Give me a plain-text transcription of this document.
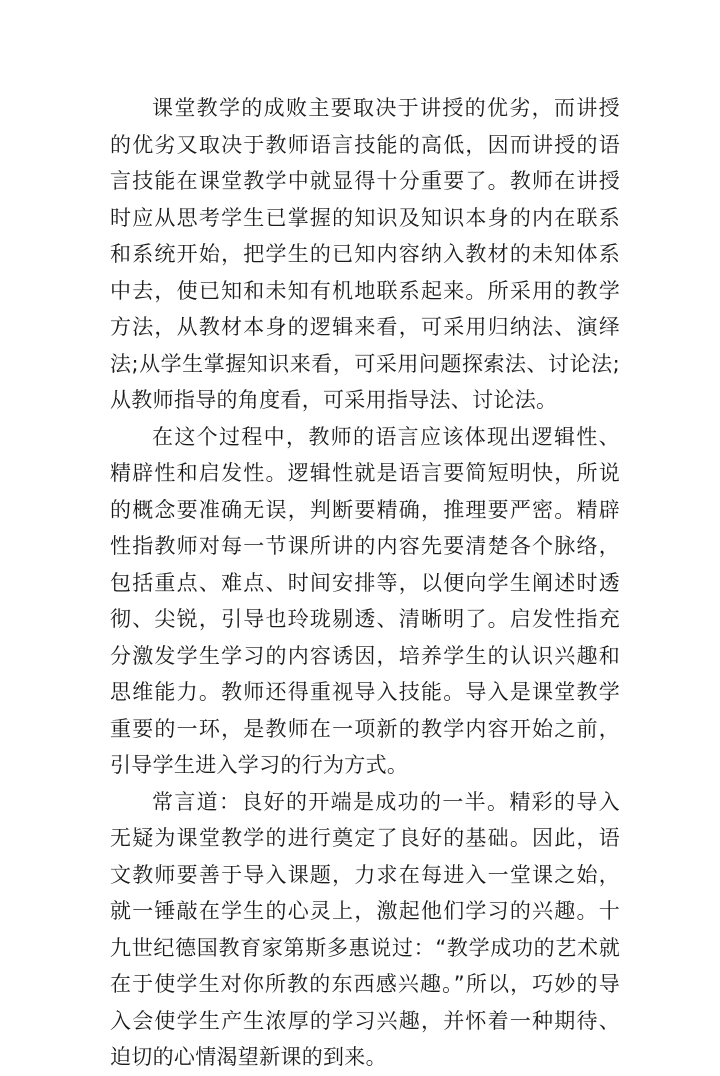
课堂教学的成败主要取决于讲授的优劣，而讲授的优劣又取决于教师语言技能的高低，因而讲授的语言技能在课堂教学中就显得十分重要了。教师在讲授时应从思考学生已掌握的知识及知识本身的内在联系和系统开始，把学生的已知内容纳入教材的未知体系中去，使已知和未知有机地联系起来。所采用的教学方法，从教材本身的逻辑来看，可采用归纳法、演绎法;从学生掌握知识来看，可采用问题探索法、讨论法;从教师指导的角度看，可采用指导法、讨论法。

在这个过程中，教师的语言应该体现出逻辑性、精辟性和启发性。逻辑性就是语言要简短明快，所说的概念要准确无误，判断要精确，推理要严密。精辟性指教师对每一节课所讲的内容先要清楚各个脉络，包括重点、难点、时间安排等，以便向学生阐述时透彻、尖锐，引导也玲珑剔透、清晰明了。启发性指充分激发学生学习的内容诱因，培养学生的认识兴趣和思维能力。教师还得重视导入技能。导入是课堂教学重要的一环，是教师在一项新的教学内容开始之前，引导学生进入学习的行为方式。

常言道：良好的开端是成功的一半。精彩的导入无疑为课堂教学的进行奠定了良好的基础。因此，语文教师要善于导入课题，力求在每进入一堂课之始，就一锤敲在学生的心灵上，激起他们学习的兴趣。十九世纪德国教育家第斯多惠说过：“教学成功的艺术就在于使学生对你所教的东西感兴趣。”所以，巧妙的导入会使学生产生浓厚的学习兴趣，并怀着一种期待、迫切的心情渴望新课的到来。
